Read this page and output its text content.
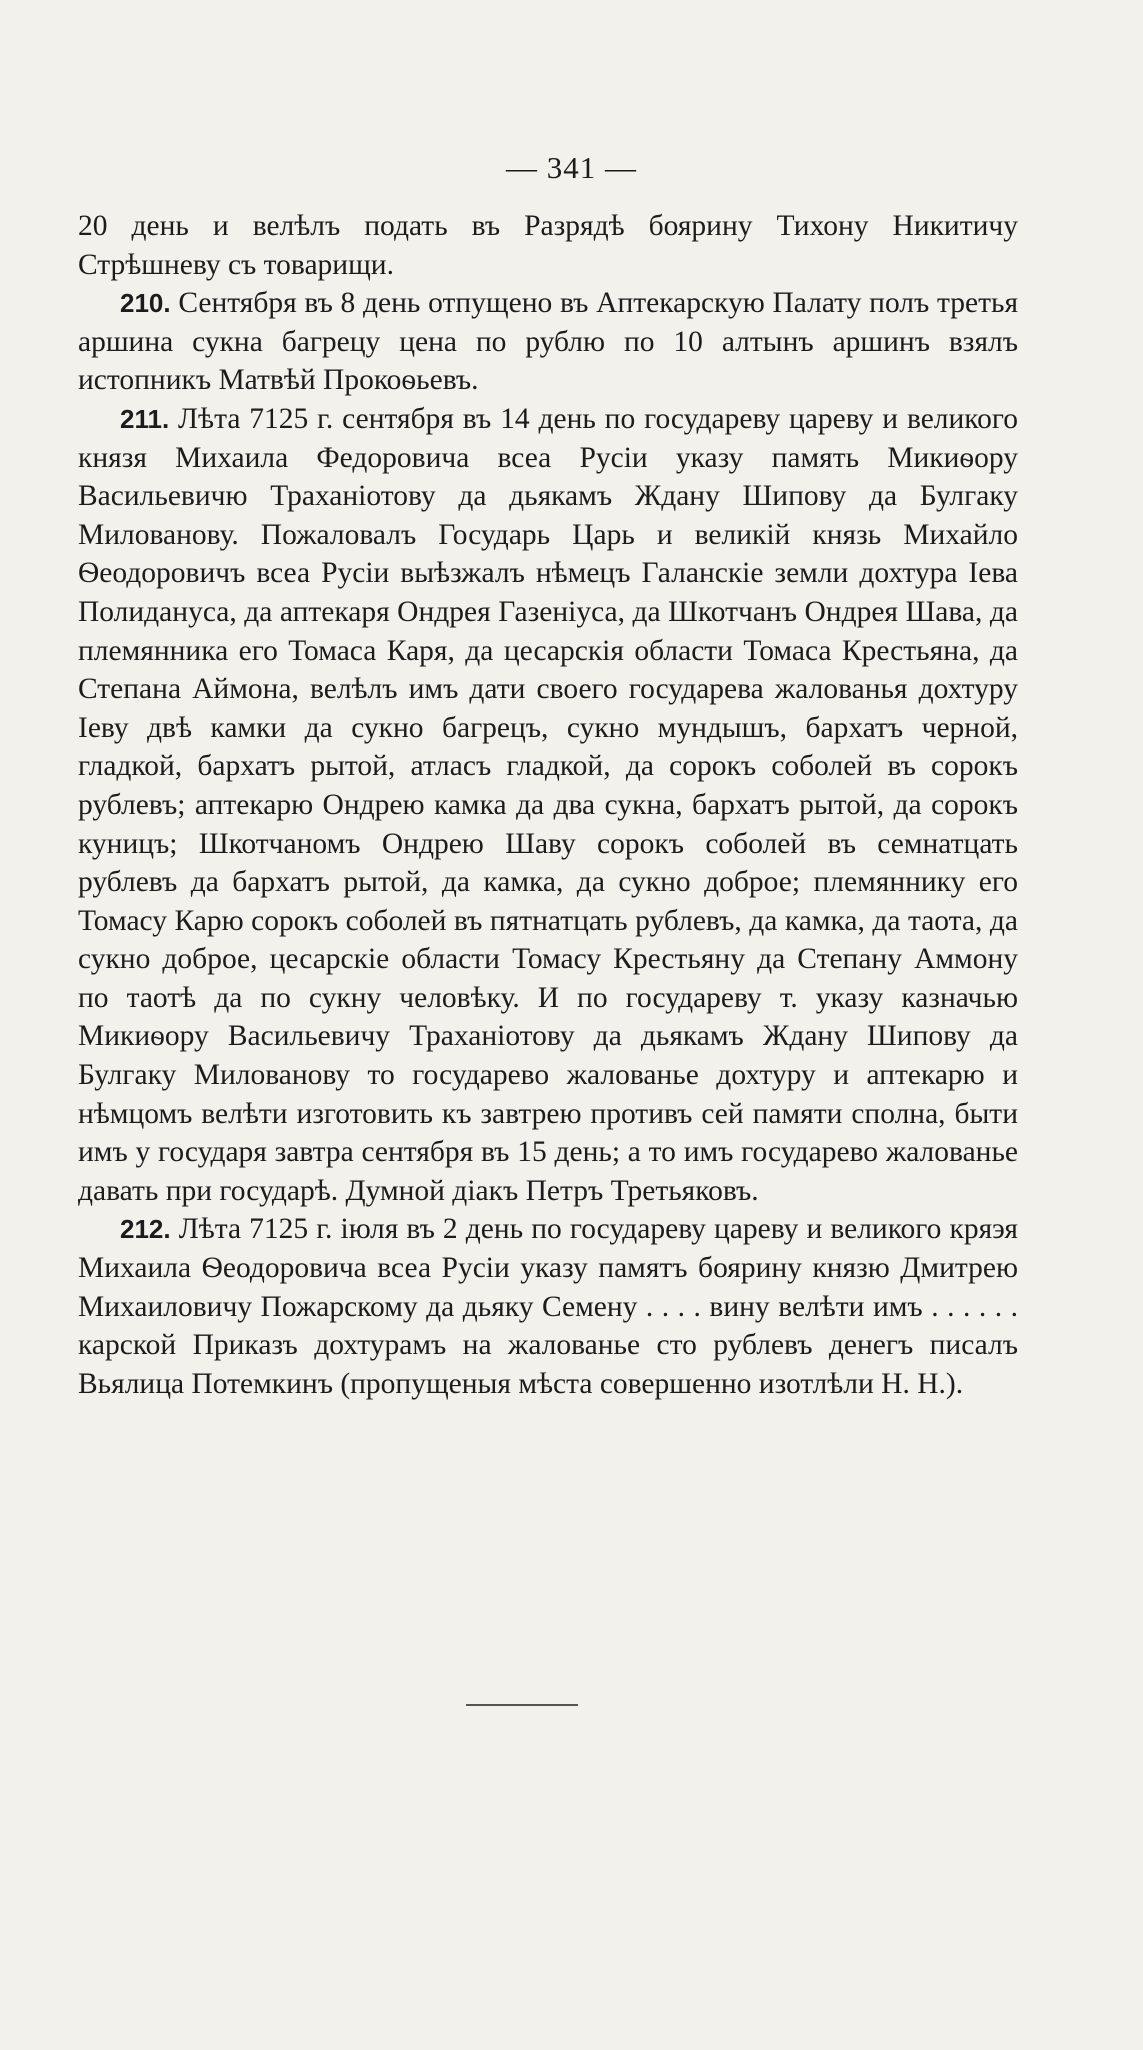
— 341 —

20 день и велѣлъ подать въ Разрядѣ боярину Тихону Никитичу Стрѣшневу съ товарищи.

210. Сентября въ 8 день отпущено въ Аптекарскую Палату полъ третья аршина сукна багрецу цена по рублю по 10 алтынъ аршинъ взялъ истопникъ Матвѣй Прокоѳьевъ.

211. Лѣта 7125 г. сентября въ 14 день по государеву цареву и великого князя Михаила Федоровича всеа Русіи указу память Микиѳору Васильевичю Траханіотову да дьякамъ Ждану Шипову да Булгаку Милованову. Пожаловалъ Государь Царь и великій князь Михайло Ѳеодоровичъ всеа Русіи выѣзжалъ нѣмецъ Галанскіе земли дохтура Іева Полидануса, да аптекаря Ондрея Газеніуса, да Шкотчанъ Ондрея Шава, да племянника его Томаса Каря, да цесарскія области Томаса Крестьяна, да Степана Аймона, велѣлъ имъ дати своего государева жалованья дохтуру Іеву двѣ камки да сукно багрецъ, сукно мундышъ, бархатъ черной, гладкой, бархатъ рытой, атласъ гладкой, да сорокъ соболей въ сорокъ рублевъ; аптекарю Ондрею камка да два сукна, бархатъ рытой, да сорокъ куницъ; Шкотчаномъ Ондрею Шаву сорокъ соболей въ семнатцать рублевъ да бархатъ рытой, да камка, да сукно доброе; племяннику его Томасу Карю сорокъ соболей въ пятнатцать рублевъ, да камка, да таота, да сукно доброе, цесарскіе области Томасу Крестьяну да Степану Аммону по таотѣ да по сукну человѣку. И по государеву т. указу казначью Микиѳору Васильевичу Траханіотову да дьякамъ Ждану Шипову да Булгаку Милованову то государево жалованье дохтуру и аптекарю и нѣмцомъ велѣти изготовить къ завтрею противъ сей памяти сполна, быти имъ у государя завтра сентября въ 15 день; а то имъ государево жалованье давать при государѣ. Думной діакъ Петръ Третьяковъ.

212. Лѣта 7125 г. іюля въ 2 день по государеву цареву и великого кряэя Михаила Ѳеодоровича всеа Русіи указу памятъ боярину князю Дмитрею Михаиловичу Пожарскому да дьяку Семену . . . . вину велѣти имъ . . . . . . карской Приказъ дохтурамъ на жалованье сто рублевъ денегъ писалъ Вьялица Потемкинъ (пропущеныя мѣста совершенно изотлѣли Н. Н.).
